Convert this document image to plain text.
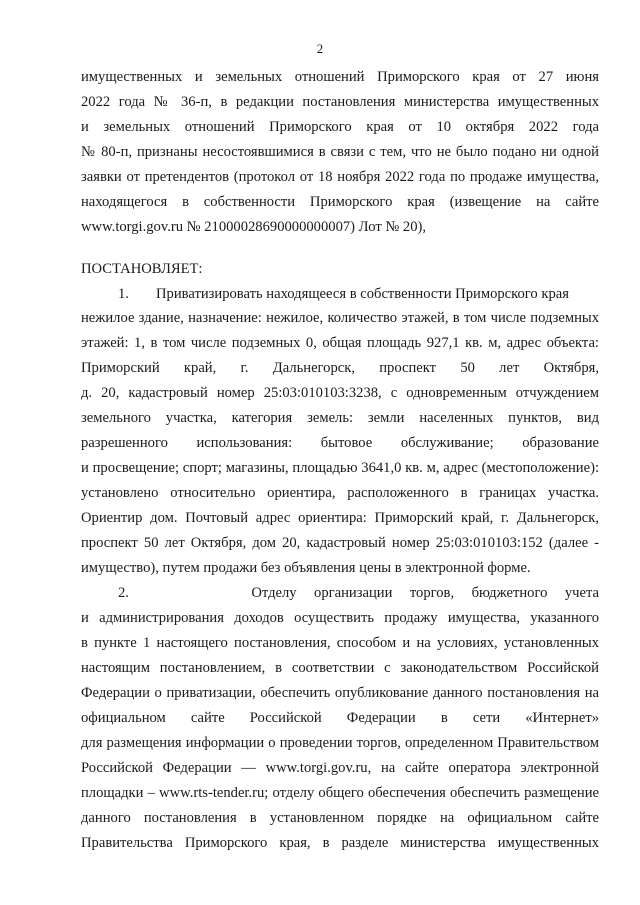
2
имущественных и земельных отношений Приморского края от 27 июня
2022 года № 36-п, в редакции постановления министерства имущественных
и земельных отношений Приморского края от 10 октября 2022 года
№ 80-п, признаны несостоявшимися в связи с тем, что не было подано ни одной
заявки от претендентов (протокол от 18 ноября 2022 года по продаже имущества,
находящегося в собственности Приморского края (извещение на сайте
www.torgi.gov.ru № 21000028690000000007) Лот № 20),
ПОСТАНОВЛЯЕТ:
1. Приватизировать находящееся в собственности Приморского края
нежилое здание, назначение: нежилое, количество этажей, в том числе подземных
этажей: 1, в том числе подземных 0, общая площадь 927,1 кв. м, адрес объекта:
Приморский край, г. Дальнегорск, проспект 50 лет Октября,
д. 20, кадастровый номер 25:03:010103:3238, с одновременным отчуждением
земельного участка, категория земель: земли населенных пунктов, вид
разрешенного использования: бытовое обслуживание; образование
и просвещение; спорт; магазины, площадью 3641,0 кв. м, адрес (местоположение):
установлено относительно ориентира, расположенного в границах участка.
Ориентир дом. Почтовый адрес ориентира: Приморский край, г. Дальнегорск,
проспект 50 лет Октября, дом 20, кадастровый номер 25:03:010103:152 (далее -
имущество), путем продажи без объявления цены в электронной форме.
2.	Отделу организации торгов, бюджетного учета
и администрирования доходов осуществить продажу имущества, указанного
в пункте 1 настоящего постановления, способом и на условиях, установленных
настоящим постановлением, в соответствии с законодательством Российской
Федерации о приватизации, обеспечить опубликование данного постановления на
официальном сайте Российской Федерации в сети «Интернет»
для размещения информации о проведении торгов, определенном Правительством
Российской Федерации — www.torgi.gov.ru, на сайте оператора электронной
площадки – www.rts-tender.ru; отделу общего обеспечения обеспечить размещение
данного постановления в установленном порядке на официальном сайте
Правительства Приморского края, в разделе министерства имущественных
